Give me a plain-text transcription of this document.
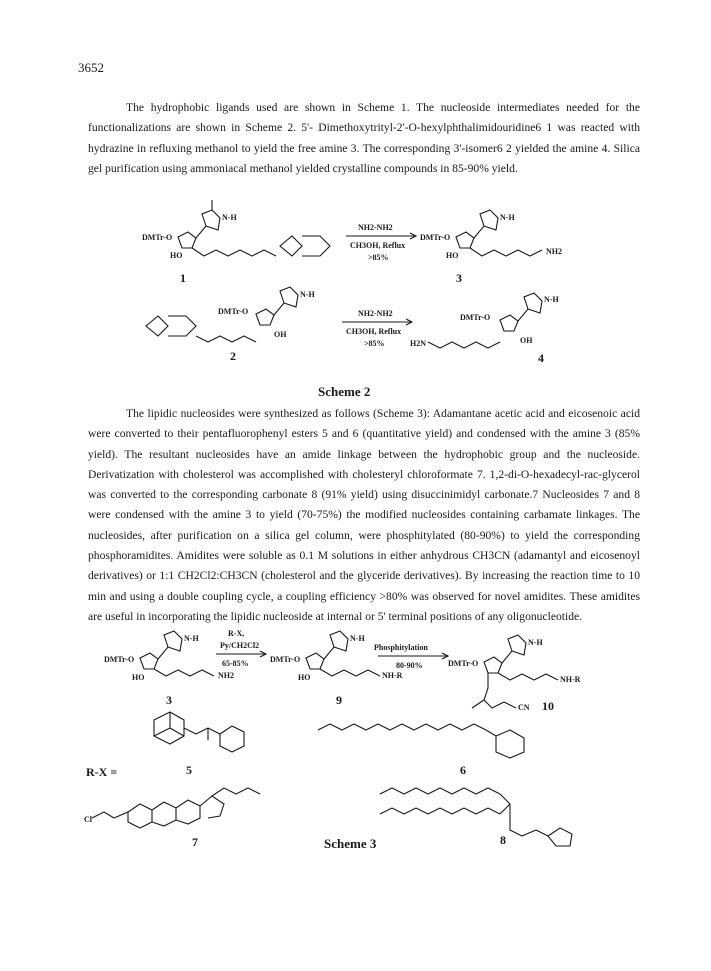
3652

The hydrophobic ligands used are shown in Scheme 1. The nucleoside intermediates needed for the functionalizations are shown in Scheme 2. 5'- Dimethoxytrityl-2'-O-hexylphthalimidouridine6 1 was reacted with hydrazine in refluxing methanol to yield the free amine 3. The corresponding 3'-isomer6 2 yielded the amine 4. Silica gel purification using ammoniacal methanol yielded crystalline compounds in 85-90% yield.

DMTr-O
N-H
HO
1
NH2-NH2
CH3OH, Reflux
>85%
DMTr-O
N-H
HO	NH2
3
DMTr-O
N-H
OH
2
NH2-NH2
CH3OH, Reflux
>85%	H2N
DMTr-O
N-H
OH
4
Scheme 2

The lipidic nucleosides were synthesized as follows (Scheme 3): Adamantane acetic acid and eicosenoic acid were converted to their pentafluorophenyl esters 5 and 6 (quantitative yield) and condensed with the amine 3 (85% yield). The resultant nucleosides have an amide linkage between the hydrophobic group and the nucleoside. Derivatization with cholesterol was accomplished with cholesteryl chloroformate 7. 1,2-di-O-hexadecyl-rac-glycerol was converted to the corresponding carbonate 8 (91% yield) using disuccinimidyl carbonate.7 Nucleosides 7 and 8 were condensed with the amine 3 to yield (70-75%) the modified nucleosides containing carbamate linkages. The nucleosides, after purification on a silica gel column, were phosphitylated (80-90%) to yield the corresponding phosphoramidites. Amidites were soluble as 0.1 M solutions in either anhydrous CH3CN (adamantyl and eicosenoyl derivatives) or 1:1 CH2Cl2:CH3CN (cholesterol and the glyceride derivatives). By increasing the reaction time to 10 min and using a double coupling cycle, a coupling efficiency >80% was observed for novel amidites. These amidites are useful in incorporating the lipidic nucleoside at internal or 5' terminal positions of any oligonucleotide.

DMTr-O
N-H
HO	NH2
3
R-X,
Py/CH2Cl2
65-85%	DMTr-O
N-H
HO	NH-R
9
Phosphitylation
80-90%	DMTr-O
N-H
NH-R
CN 10
R-X =	5	6
Cl
7	8
Scheme 3
